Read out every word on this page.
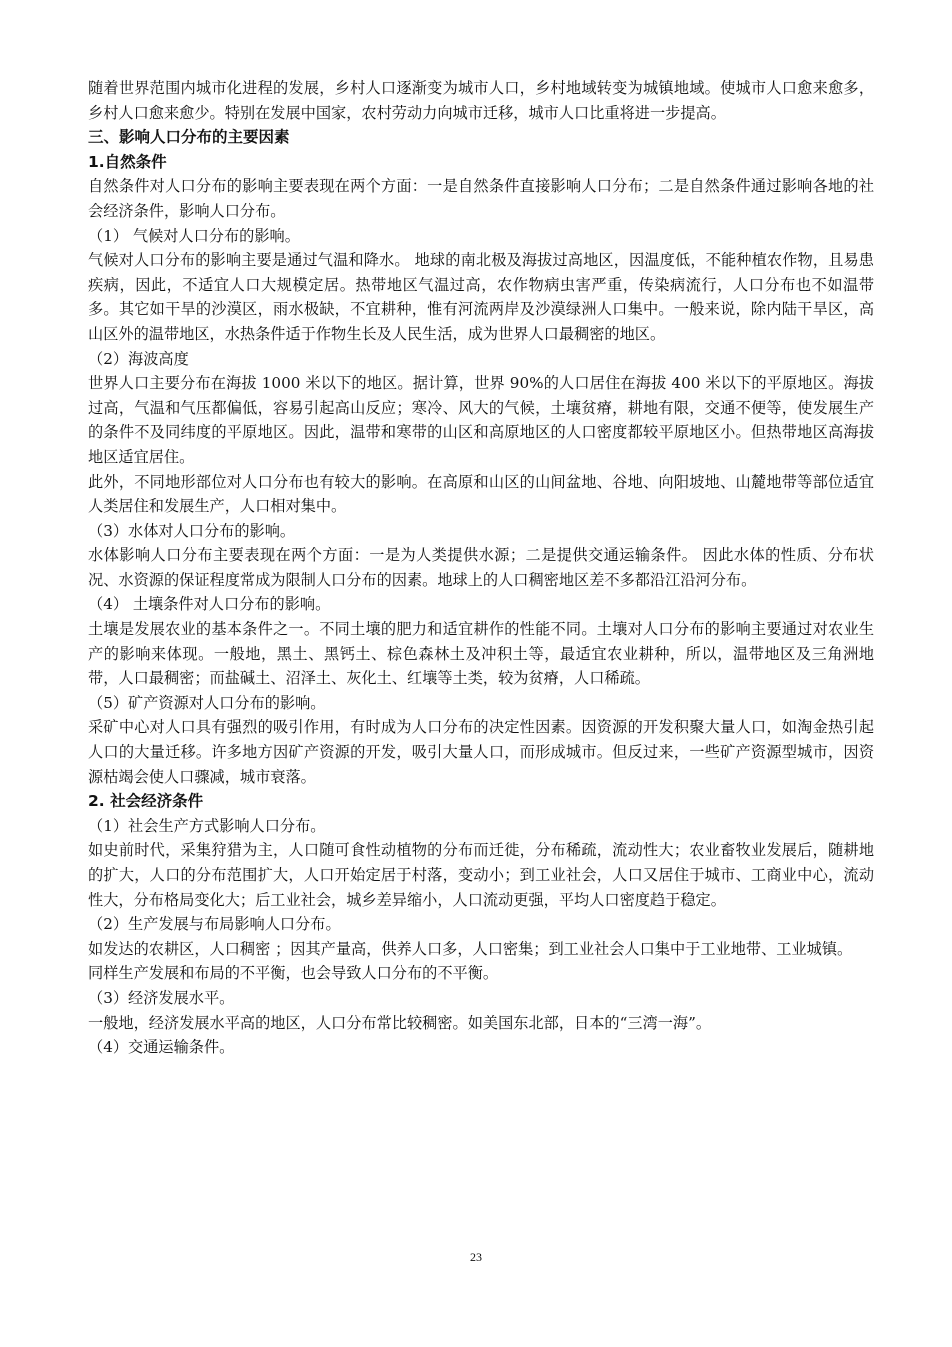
随着世界范围内城市化进程的发展，乡村人口逐渐变为城市人口，乡村地域转变为城镇地域。使城市人口愈来愈多，乡村人口愈来愈少。特别在发展中国家，农村劳动力向城市迁移，城市人口比重将进一步提高。

三、影响人口分布的主要因素

1.自然条件

自然条件对人口分布的影响主要表现在两个方面：一是自然条件直接影响人口分布；二是自然条件通过影响各地的社会经济条件，影响人口分布。

（1） 气候对人口分布的影响。

气候对人口分布的影响主要是通过气温和降水。 地球的南北极及海拔过高地区，因温度低，不能种植农作物，且易患疾病，因此，不适宜人口大规模定居。热带地区气温过高，农作物病虫害严重，传染病流行，人口分布也不如温带多。其它如干旱的沙漠区，雨水极缺，不宜耕种，惟有河流两岸及沙漠绿洲人口集中。一般来说，除内陆干旱区，高山区外的温带地区，水热条件适于作物生长及人民生活，成为世界人口最稠密的地区。

（2）海波高度

世界人口主要分布在海拔 1000 米以下的地区。据计算，世界 90%的人口居住在海拔 400 米以下的平原地区。海拔过高，气温和气压都偏低，容易引起高山反应；寒冷、风大的气候，土壤贫瘠，耕地有限，交通不便等，使发展生产的条件不及同纬度的平原地区。因此，温带和寒带的山区和高原地区的人口密度都较平原地区小。但热带地区高海拔地区适宜居住。

此外，不同地形部位对人口分布也有较大的影响。在高原和山区的山间盆地、谷地、向阳坡地、山麓地带等部位适宜人类居住和发展生产，人口相对集中。

（3）水体对人口分布的影响。

水体影响人口分布主要表现在两个方面：一是为人类提供水源；二是提供交通运输条件。 因此水体的性质、分布状况、水资源的保证程度常成为限制人口分布的因素。地球上的人口稠密地区差不多都沿江沿河分布。

（4） 土壤条件对人口分布的影响。

土壤是发展农业的基本条件之一。不同土壤的肥力和适宜耕作的性能不同。土壤对人口分布的影响主要通过对农业生产的影响来体现。一般地，黑土、黑钙土、棕色森林土及冲积土等，最适宜农业耕种，所以，温带地区及三角洲地带，人口最稠密；而盐碱土、沼泽土、灰化土、红壤等土类，较为贫瘠，人口稀疏。

（5）矿产资源对人口分布的影响。

采矿中心对人口具有强烈的吸引作用，有时成为人口分布的决定性因素。因资源的开发积聚大量人口，如淘金热引起人口的大量迁移。许多地方因矿产资源的开发，吸引大量人口，而形成城市。但反过来，一些矿产资源型城市，因资源枯竭会使人口骤减，城市衰落。

2. 社会经济条件

（1）社会生产方式影响人口分布。

如史前时代，采集狩猎为主，人口随可食性动植物的分布而迁徙，分布稀疏，流动性大；农业畜牧业发展后，随耕地的扩大，人口的分布范围扩大，人口开始定居于村落，变动小；到工业社会，人口又居住于城市、工商业中心，流动性大，分布格局变化大；后工业社会，城乡差异缩小，人口流动更强，平均人口密度趋于稳定。

（2）生产发展与布局影响人口分布。

如发达的农耕区，人口稠密 ；因其产量高，供养人口多，人口密集；到工业社会人口集中于工业地带、工业城镇。

同样生产发展和布局的不平衡，也会导致人口分布的不平衡。

（3）经济发展水平。

一般地，经济发展水平高的地区，人口分布常比较稠密。如美国东北部，日本的“三湾一海”。

（4）交通运输条件。

23
